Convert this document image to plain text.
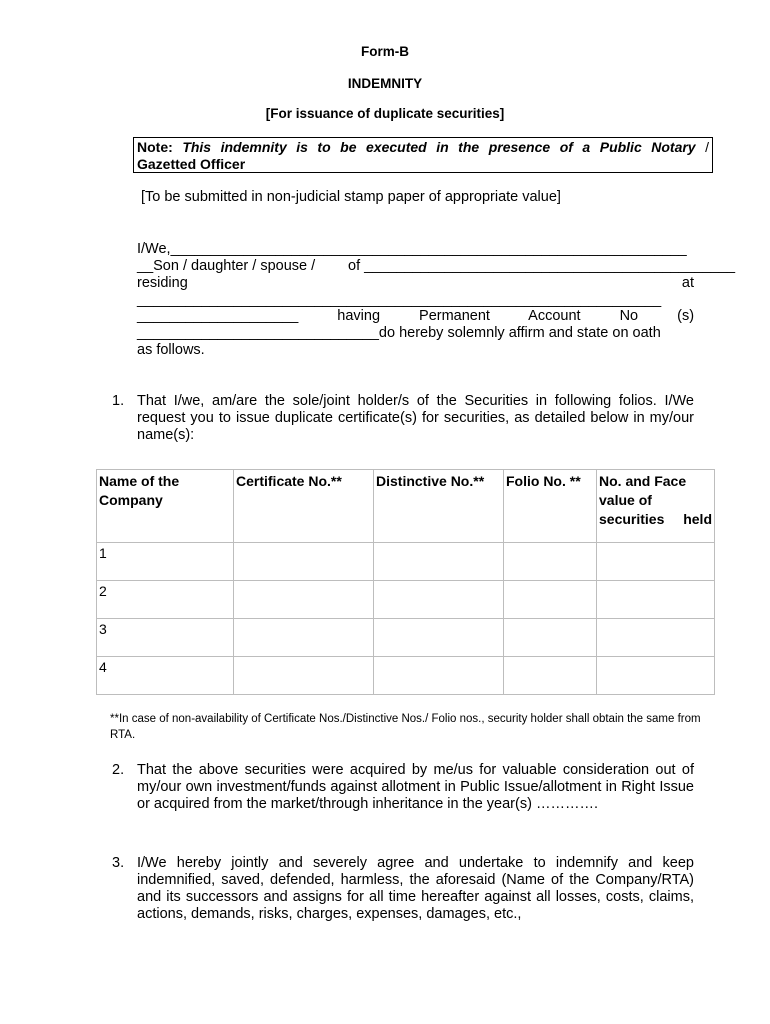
Form-B
INDEMNITY
[For issuance of duplicate securities]
Note: This indemnity is to be executed in the presence of a Public Notary /
Gazetted Officer
[To be submitted in non-judicial stamp paper of appropriate value]
I/We,________________________________________________________________
__Son / daughter / spouse / of ______________________________________________
residing	at
_________________________________________________________________
____________________	having	Permanent	Account	No	(s)
______________________________do hereby solemnly affirm and state on oath
as follows.
1. That I/we, am/are the sole/joint holder/s of the Securities in following folios. I/We request you to issue duplicate certificate(s) for securities, as detailed below in my/our name(s):
Name of the Company	Certificate No.**	Distinctive No.**	Folio No. **	No. and Face value of securities held
1				
2				
3				
4				
**In case of non-availability of Certificate Nos./Distinctive Nos./ Folio nos., security holder shall obtain the same from RTA.
2. That the above securities were acquired by me/us for valuable consideration out of my/our own investment/funds against allotment in Public Issue/allotment in Right Issue or acquired from the market/through inheritance in the year(s) ………….
3. I/We hereby jointly and severely agree and undertake to indemnify and keep indemnified, saved, defended, harmless, the aforesaid (Name of the Company/RTA) and its successors and assigns for all time hereafter against all losses, costs, claims, actions, demands, risks, charges, expenses, damages, etc.,
